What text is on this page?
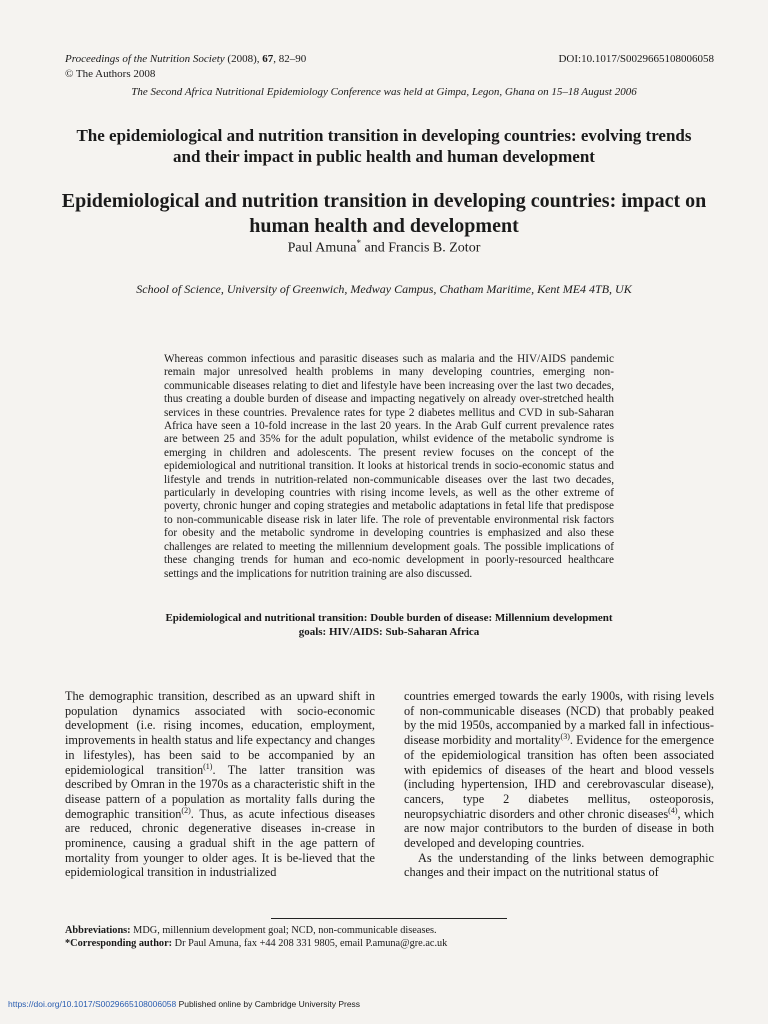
Proceedings of the Nutrition Society (2008), 67, 82–90
© The Authors 2008
DOI:10.1017/S0029665108006058
The Second Africa Nutritional Epidemiology Conference was held at Gimpa, Legon, Ghana on 15–18 August 2006
The epidemiological and nutrition transition in developing countries: evolving trends and their impact in public health and human development
Epidemiological and nutrition transition in developing countries: impact on human health and development
Paul Amuna* and Francis B. Zotor
School of Science, University of Greenwich, Medway Campus, Chatham Maritime, Kent ME4 4TB, UK
Whereas common infectious and parasitic diseases such as malaria and the HIV/AIDS pandemic remain major unresolved health problems in many developing countries, emerging non-communicable diseases relating to diet and lifestyle have been increasing over the last two decades, thus creating a double burden of disease and impacting negatively on already over-stretched health services in these countries. Prevalence rates for type 2 diabetes mellitus and CVD in sub-Saharan Africa have seen a 10-fold increase in the last 20 years. In the Arab Gulf current prevalence rates are between 25 and 35% for the adult population, whilst evidence of the metabolic syndrome is emerging in children and adolescents. The present review focuses on the concept of the epidemiological and nutritional transition. It looks at historical trends in socio-economic status and lifestyle and trends in nutrition-related non-communicable diseases over the last two decades, particularly in developing countries with rising income levels, as well as the other extreme of poverty, chronic hunger and coping strategies and metabolic adaptations in fetal life that predispose to non-communicable disease risk in later life. The role of preventable environmental risk factors for obesity and the metabolic syndrome in developing countries is emphasized and also these challenges are related to meeting the millennium development goals. The possible implications of these changing trends for human and eco-nomic development in poorly-resourced healthcare settings and the implications for nutrition training are also discussed.
Epidemiological and nutritional transition: Double burden of disease: Millennium development goals: HIV/AIDS: Sub-Saharan Africa
The demographic transition, described as an upward shift in population dynamics associated with socio-economic development (i.e. rising incomes, education, employment, improvements in health status and life expectancy and changes in lifestyles), has been said to be accompanied by an epidemiological transition$^{(1)}$. The latter transition was described by Omran in the 1970s as a characteristic shift in the disease pattern of a population as mortality falls during the demographic transition$^{(2)}$. Thus, as acute infectious diseases are reduced, chronic degenerative diseases in-crease in prominence, causing a gradual shift in the age pattern of mortality from younger to older ages. It is be-lieved that the epidemiological transition in industrialized
countries emerged towards the early 1900s, with rising levels of non-communicable diseases (NCD) that probably peaked by the mid 1950s, accompanied by a marked fall in infectious-disease morbidity and mortality$^{(3)}$. Evidence for the emergence of the epidemiological transition has often been associated with epidemics of diseases of the heart and blood vessels (including hypertension, IHD and cerebrovascular disease), cancers, type 2 diabetes mellitus, osteoporosis, neuropsychiatric disorders and other chronic diseases$^{(4)}$, which are now major contributors to the burden of disease in both developed and developing countries.
As the understanding of the links between demographic changes and their impact on the nutritional status of
Abbreviations: MDG, millennium development goal; NCD, non-communicable diseases.
*Corresponding author: Dr Paul Amuna, fax +44 208 331 9805, email P.amuna@gre.ac.uk
https://doi.org/10.1017/S0029665108006058 Published online by Cambridge University Press
